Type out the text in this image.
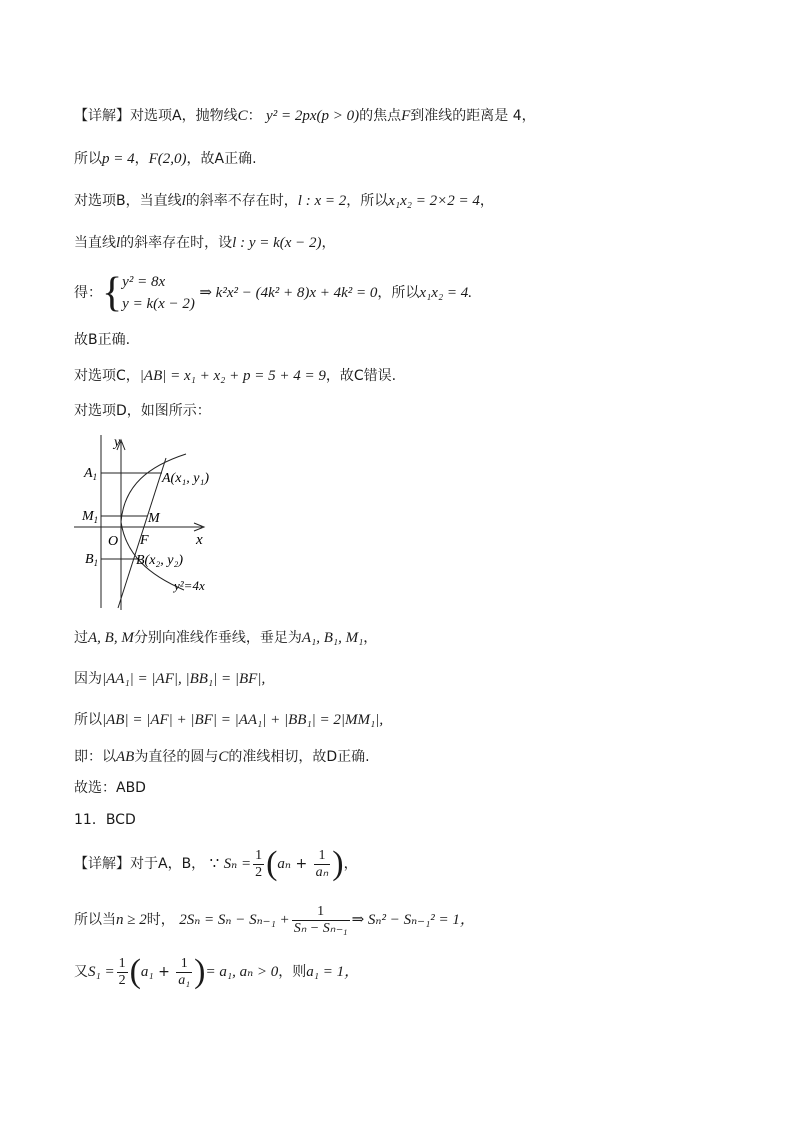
【详解】对选项A，抛物线C： y² = 2px(p > 0)的焦点F到准线的距离是 4，
所以p = 4，F(2,0)，故A正确.
对选项B，当直线l的斜率不存在时，l : x = 2，所以x₁x₂ = 2×2 = 4，
当直线l的斜率存在时，设l : y = k(x − 2)，
得：{ y² = 8x
y = k(x − 2)
⇒ k²x² − (4k² + 8)x + 4k² = 0，所以x₁x₂ = 4.
故B正确.
对选项C，|AB| = x₁ + x₂ + p = 5 + 4 = 9，故C错误.
对选项D，如图所示：
y
x
$A_1$
$M_1$
$B_1$
O F
M
A(x₁, y₁)
B(x₂, y₂)
y²=4x
过A, B, M分别向准线作垂线，垂足为A₁, B₁, M₁，
因为|AA₁| = |AF|, |BB₁| = |BF|,
所以|AB| = |AF| + |BF| = |AA₁| + |BB₁| = 2|MM₁|,
即：以AB为直径的圆与C的准线相切，故D正确.
故选：ABD
11．BCD
【详解】对于A，B， ∵ $S_n = \frac{1}{2} (a_n + \frac{1}{\text{aₙ}}$ )，
所以当n ≥ 2时， $2S_n = S_n - S_{n-1} + \frac{1}{\text{Sₙ − Sₙ₋₁}}$ ⇒ Sₙ² − Sₙ₋₁² = 1，
又$S_1 = \frac{1}{2} (a_1 + \frac{1}{\text{a₁}}$ )= a₁, aₙ > 0，则a₁ = 1，
